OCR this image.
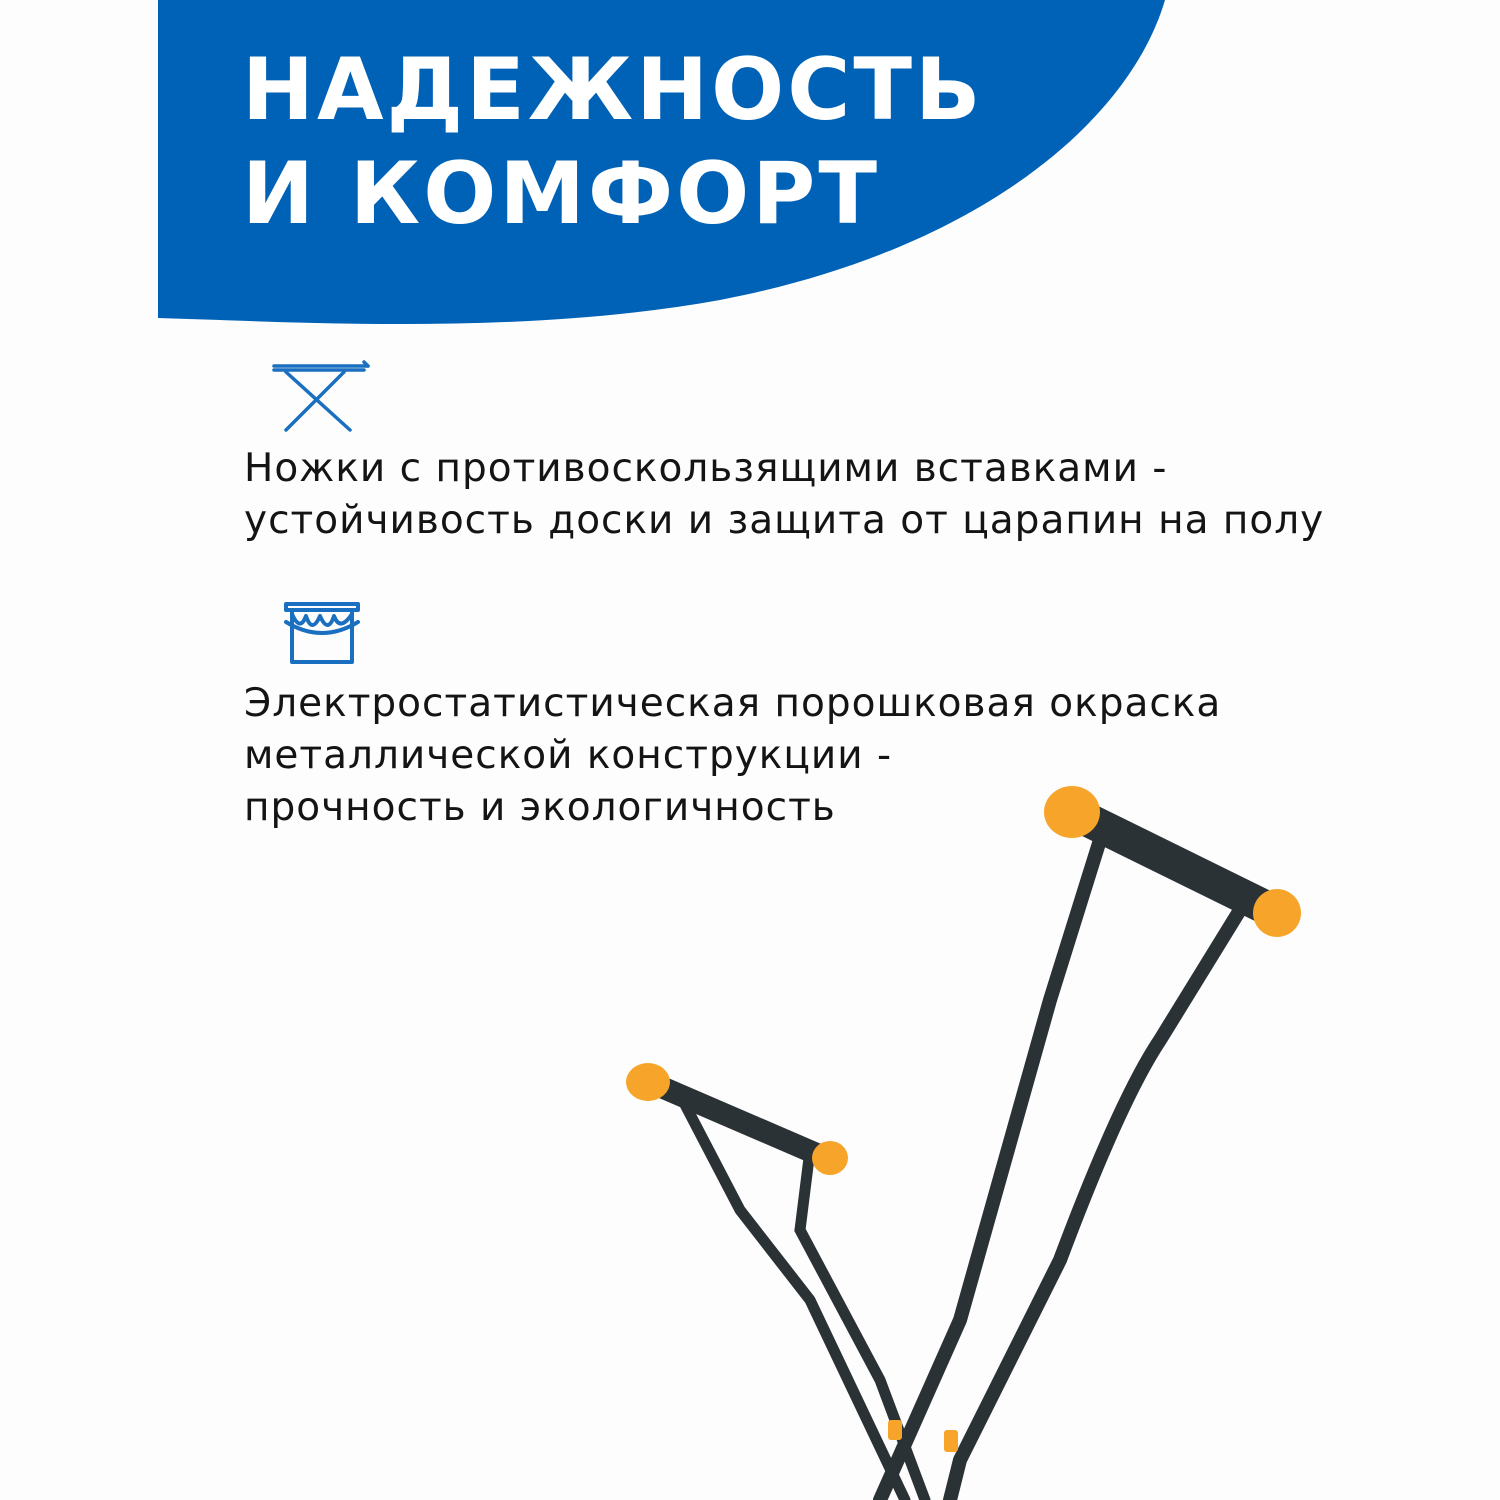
НАДЕЖНОСТЬ
И КОМФОРТ

Ножки с противоскользящими вставками -
устойчивость доски и защита от царапин на полу

Электростатистическая порошковая окраска
металлической конструкции -
прочность и экологичность
